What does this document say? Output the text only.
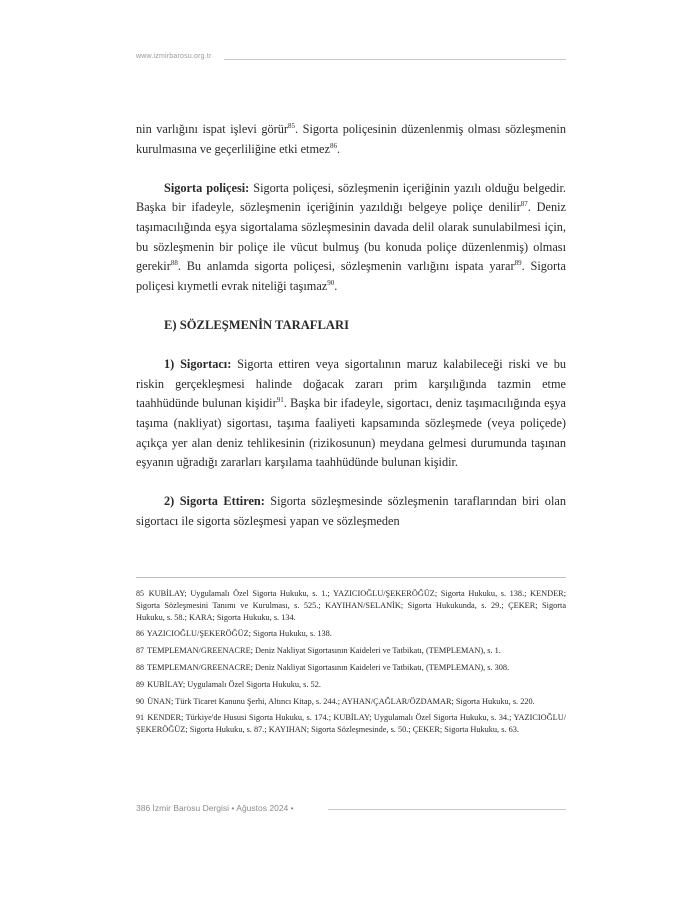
www.izmirbarosu.org.tr

nin varlığını ispat işlevi görür$^{85}$. Sigorta poliçesinin düzenlenmiş olması sözleşmenin kurulmasına ve geçerliliğine etki etmez$^{86}$.

Sigorta poliçesi: Sigorta poliçesi, sözleşmenin içeriğinin yazılı olduğu belgedir. Başka bir ifadeyle, sözleşmenin içeriğinin yazıldığı belgeye poliçe denilir$^{87}$. Deniz taşımacılığında eşya sigortalama sözleşmesinin davada delil olarak sunulabilmesi için, bu sözleşmenin bir poliçe ile vücut bulmuş (bu konuda poliçe düzenlenmiş) olması gerekir$^{88}$. Bu anlamda sigorta poliçesi, sözleşmenin varlığını ispata yarar$^{89}$. Sigorta poliçesi kıymetli evrak niteliği taşımaz$^{90}$.

E) SÖZLEŞMENİN TARAFLARI

1) Sigortacı: Sigorta ettiren veya sigortalının maruz kalabileceği riski ve bu riskin gerçekleşmesi halinde doğacak zararı prim karşılığında tazmin etme taahhüdünde bulunan kişidir$^{91}$. Başka bir ifadeyle, sigortacı, deniz taşımacılığında eşya taşıma (nakliyat) sigortası, taşıma faaliyeti kapsamında sözleşmede (veya poliçede) açıkça yer alan deniz tehlikesinin (rizikosunun) meydana gelmesi durumunda taşınan eşyanın uğradığı zararları karşılama taahhüdünde bulunan kişidir.

2) Sigorta Ettiren: Sigorta sözleşmesinde sözleşmenin taraflarından biri olan sigortacı ile sigorta sözleşmesi yapan ve sözleşmeden

85 KUBİLAY; Uygulamalı Özel Sigorta Hukuku, s. 1.; YAZICIOĞLU/ŞEKERÖĞÜZ; Sigorta Hukuku, s. 138.; KENDER; Sigorta Sözleşmesini Tanımı ve Kurulması, s. 525.; KAYIHAN/SELANİK; Sigorta Hukukunda, s. 29.; ÇEKER; Sigorta Hukuku, s. 58.; KARA; Sigorta Hukuku, s. 134.

86 YAZICIOĞLU/ŞEKERÖĞÜZ; Sigorta Hukuku, s. 138.

87 TEMPLEMAN/GREENACRE; Deniz Nakliyat Sigortasının Kaideleri ve Tatbikatı, (TEMPLEMAN), s. 1.

88 TEMPLEMAN/GREENACRE; Deniz Nakliyat Sigortasının Kaideleri ve Tatbikatı, (TEMPLEMAN), s. 308.

89 KUBİLAY; Uygulamalı Özel Sigorta Hukuku, s. 52.

90 ÜNAN; Türk Ticaret Kanunu Şerhi, Altıncı Kitap, s. 244.; AYHAN/ÇAĞLAR/ÖZDAMAR; Sigorta Hukuku, s. 220.

91 KENDER; Türkiye'de Hususi Sigorta Hukuku, s. 174.; KUBİLAY; Uygulamalı Özel Sigorta Hukuku, s. 34.; YAZICIOĞLU/ŞEKERÖĞÜZ; Sigorta Hukuku, s. 87.; KAYIHAN; Sigorta Sözleşmesinde, s. 50.; ÇEKER; Sigorta Hukuku, s. 63.

386 İzmir Barosu Dergisi • Ağustos 2024 •
